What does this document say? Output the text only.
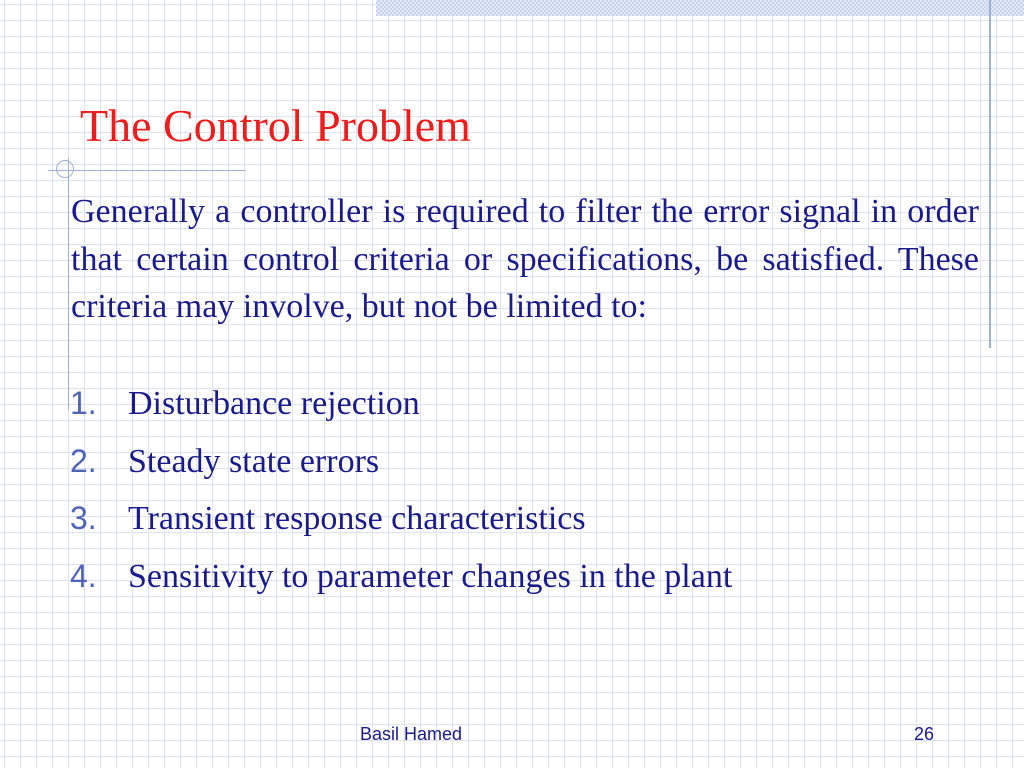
The Control Problem

Generally a controller is required to filter the error signal in order that certain control criteria or specifications, be satisfied. These criteria may involve, but not be limited to:

1. Disturbance rejection
2. Steady state errors
3. Transient response characteristics
4. Sensitivity to parameter changes in the plant
Basil Hamed	26
